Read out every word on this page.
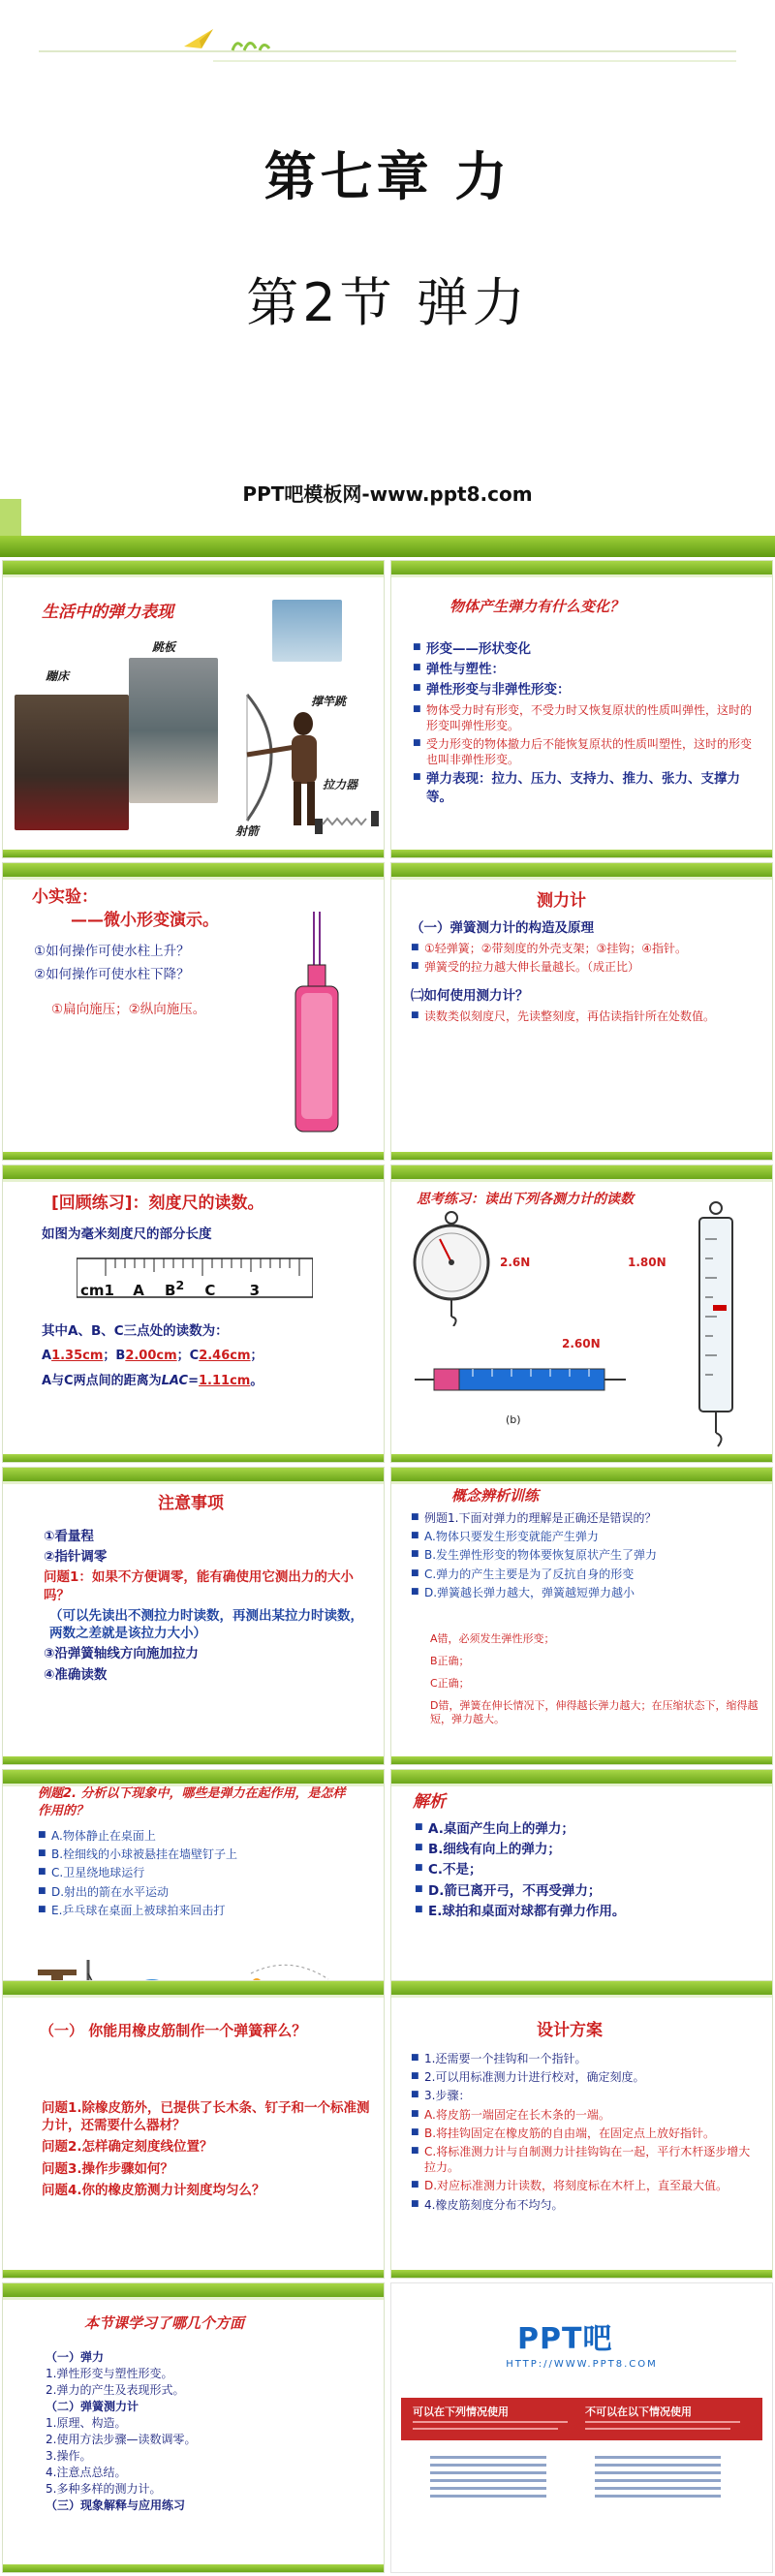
第七章 力
第2节 弹力
PPT吧模板网-www.ppt8.com
生活中的弹力表现
蹦床
跳板
撑竿跳
拉力器
射箭
物体产生弹力有什么变化？
■ 形变——形状变化
■ 弹性与塑性：
■ 弹性形变与非弹性形变：
■ 物体受力时有形变，不受力时又恢复原状的性质叫弹性，这时的形变叫弹性形变。
■ 受力形变的物体撤力后不能恢复原状的性质叫塑性，这时的形变也叫非弹性形变。
■ 弹力表现：拉力、压力、支持力、推力、张力、支撑力等。
小实验：
——微小形变演示。
①如何操作可使水柱上升？
②如何操作可使水柱下降？
①扁向施压；②纵向施压。
测力计
（一）弹簧测力计的构造及原理
■ ①轻弹簧；②带刻度的外壳支架；③挂钩；④指针。
■ 弹簧受的拉力越大伸长量越长。（成正比）
㈡如何使用测力计？
■ 读数类似刻度尺，先读整刻度，再估读指针所在处数值。
[回顾练习]：刻度尺的读数。
如图为毫米刻度尺的部分长度
cm1 A $B^2$ C 3
其中A、B、C三点处的读数为：
A1.35cm；B2.00cm；C2.46cm；
A与C两点间的距离为LAC=1.11cm。
思考练习：读出下列各测力计的读数
2.6N	1.80N
2.60N
(b)
注意事项
①看量程
②指针调零
问题1：如果不方便调零，能有确使用它测出力的大小吗？
（可以先读出不测拉力时读数，再测出某拉力时读数，两数之差就是该拉力大小）
③沿弹簧轴线方向施加拉力
④准确读数
概念辨析训练
■ 例题1.下面对弹力的理解是正确还是错误的？
■ A.物体只要发生形变就能产生弹力
■ B.发生弹性形变的物体要恢复原状产生了弹力
■ C.弹力的产生主要是为了反抗自身的形变
■ D.弹簧越长弹力越大，弹簧越短弹力越小
A错，必须发生弹性形变；
B正确；
C正确；
D错，弹簧在伸长情况下，伸得越长弹力越大；在压缩状态下，缩得越短，弹力越大。
例题2. 分析以下现象中，哪些是弹力在起作用，是怎样作用的？
■ A.物体静止在桌面上
■ B.栓细线的小球被悬挂在墙壁钉子上
■ C.卫星绕地球运行
■ D.射出的箭在水平运动
■ E.乒乓球在桌面上被球拍来回击打
解析
■ A.桌面产生向上的弹力；
■ B.细线有向上的弹力；
■ C.不是；
■ D.箭已离开弓，不再受弹力；
■ E.球拍和桌面对球都有弹力作用。
（一） 你能用橡皮筋制作一个弹簧秤么？
问题1.除橡皮筋外，已提供了长木条、钉子和一个标准测力计，还需要什么器材？
问题2.怎样确定刻度线位置？
问题3.操作步骤如何？
问题4.你的橡皮筋测力计刻度均匀么？
设计方案
■ 1.还需要一个挂钩和一个指针。
■ 2.可以用标准测力计进行校对，确定刻度。
■ 3.步骤：
■ A.将皮筋一端固定在长木条的一端。
■ B.将挂钩固定在橡皮筋的自由端，在固定点上放好指针。
■ C.将标准测力计与自制测力计挂钩钩在一起，平行木杆逐步增大拉力。
■ D.对应标准测力计读数，将刻度标在木杆上，直至最大值。
■ 4.橡皮筋刻度分布不均匀。
本节课学习了哪几个方面
（一）弹力
1.弹性形变与塑性形变。
2.弹力的产生及表现形式。
（二）弹簧测力计
1.原理、构造。
2.使用方法步骤—读数调零。
3.操作。
4.注意点总结。
5.多种多样的测力计。
（三）现象解释与应用练习
PPT吧
HTTP://WWW.PPT8.COM
可以在下列情况使用	不可以在以下情况使用
